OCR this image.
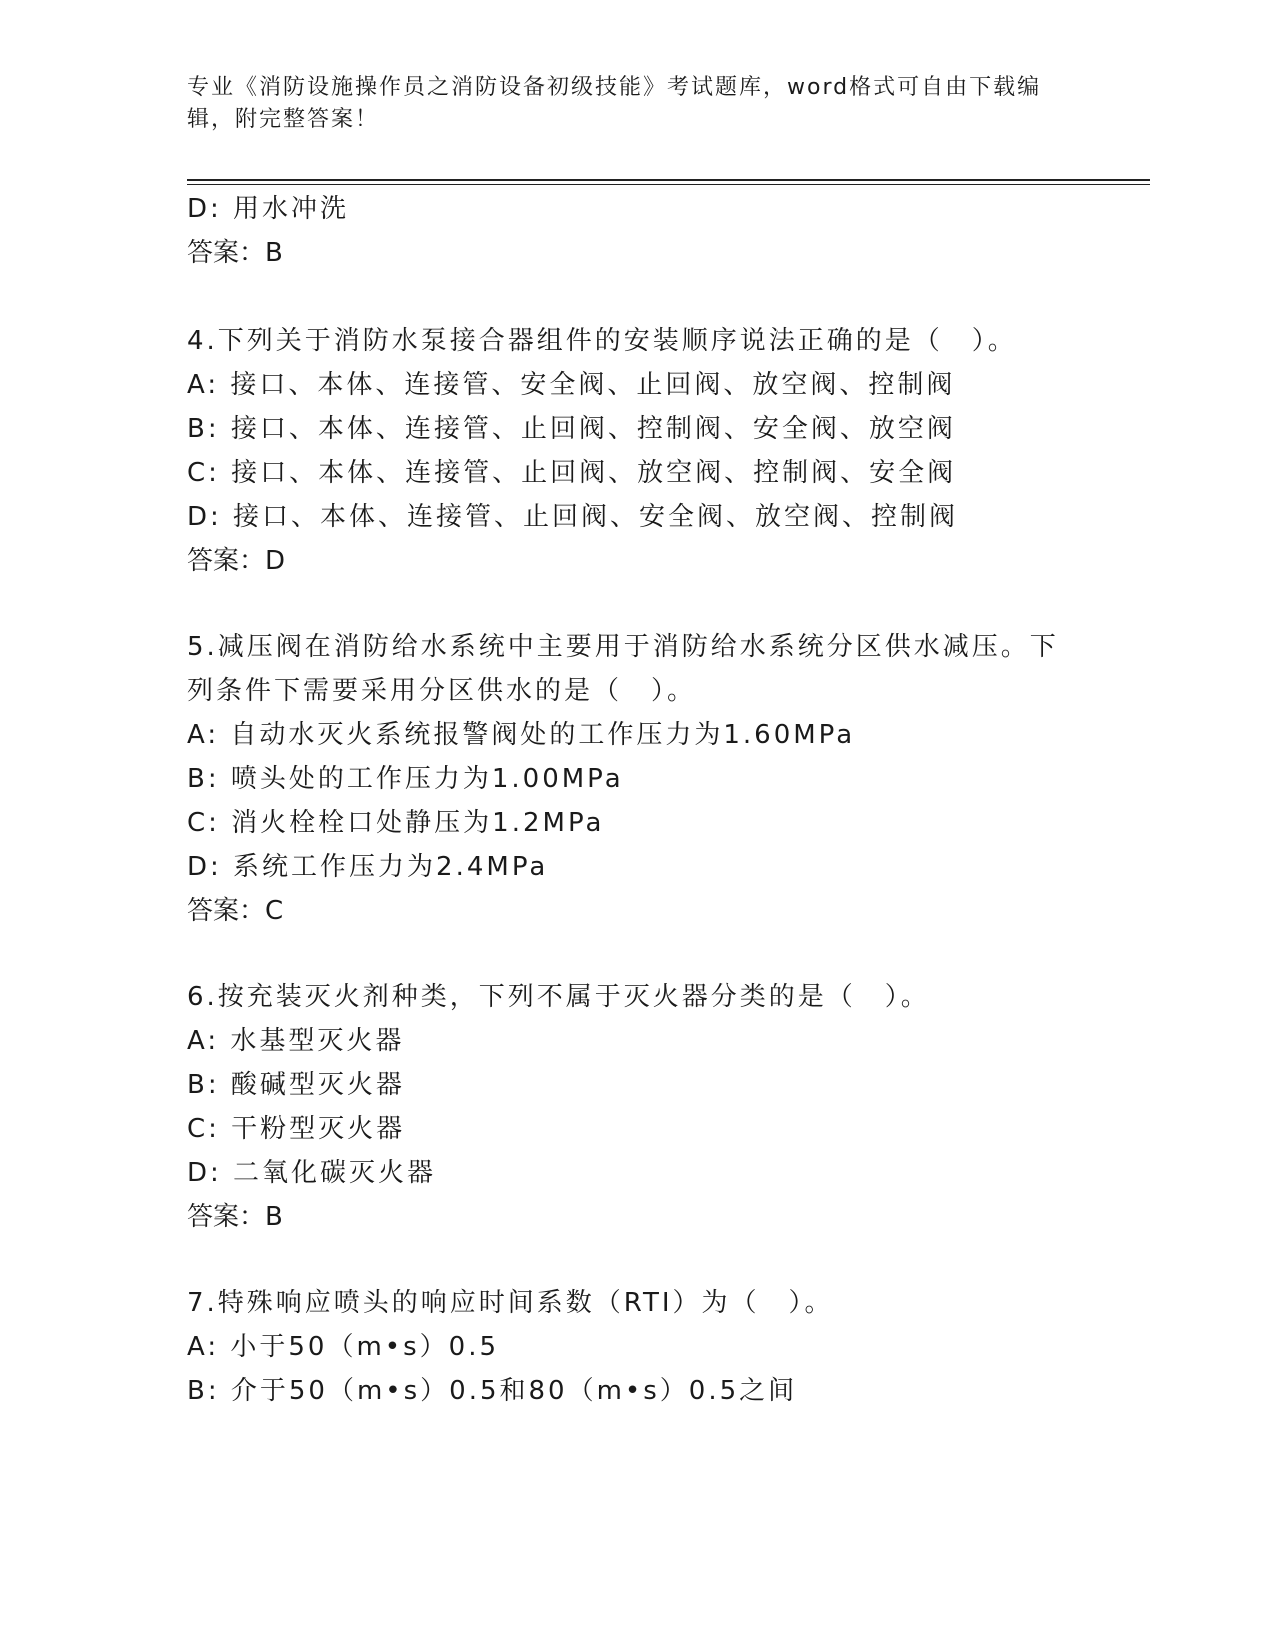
专业《消防设施操作员之消防设备初级技能》考试题库，word格式可自由下载编辑，附完整答案！
D: 用水冲洗
答案：B
4.下列关于消防水泵接合器组件的安装顺序说法正确的是（　）。
A: 接口、本体、连接管、安全阀、止回阀、放空阀、控制阀
B: 接口、本体、连接管、止回阀、控制阀、安全阀、放空阀
C: 接口、本体、连接管、止回阀、放空阀、控制阀、安全阀
D: 接口、本体、连接管、止回阀、安全阀、放空阀、控制阀
答案：D
5.减压阀在消防给水系统中主要用于消防给水系统分区供水减压。下
列条件下需要采用分区供水的是（　）。
A: 自动水灭火系统报警阀处的工作压力为1.60MPa
B: 喷头处的工作压力为1.00MPa
C: 消火栓栓口处静压为1.2MPa
D: 系统工作压力为2.4MPa
答案：C
6.按充装灭火剂种类，下列不属于灭火器分类的是（　）。
A: 水基型灭火器
B: 酸碱型灭火器
C: 干粉型灭火器
D: 二氧化碳灭火器
答案：B
7.特殊响应喷头的响应时间系数（RTI）为（　）。
A: 小于50（m•s）0.5
B: 介于50（m•s）0.5和80（m•s）0.5之间
